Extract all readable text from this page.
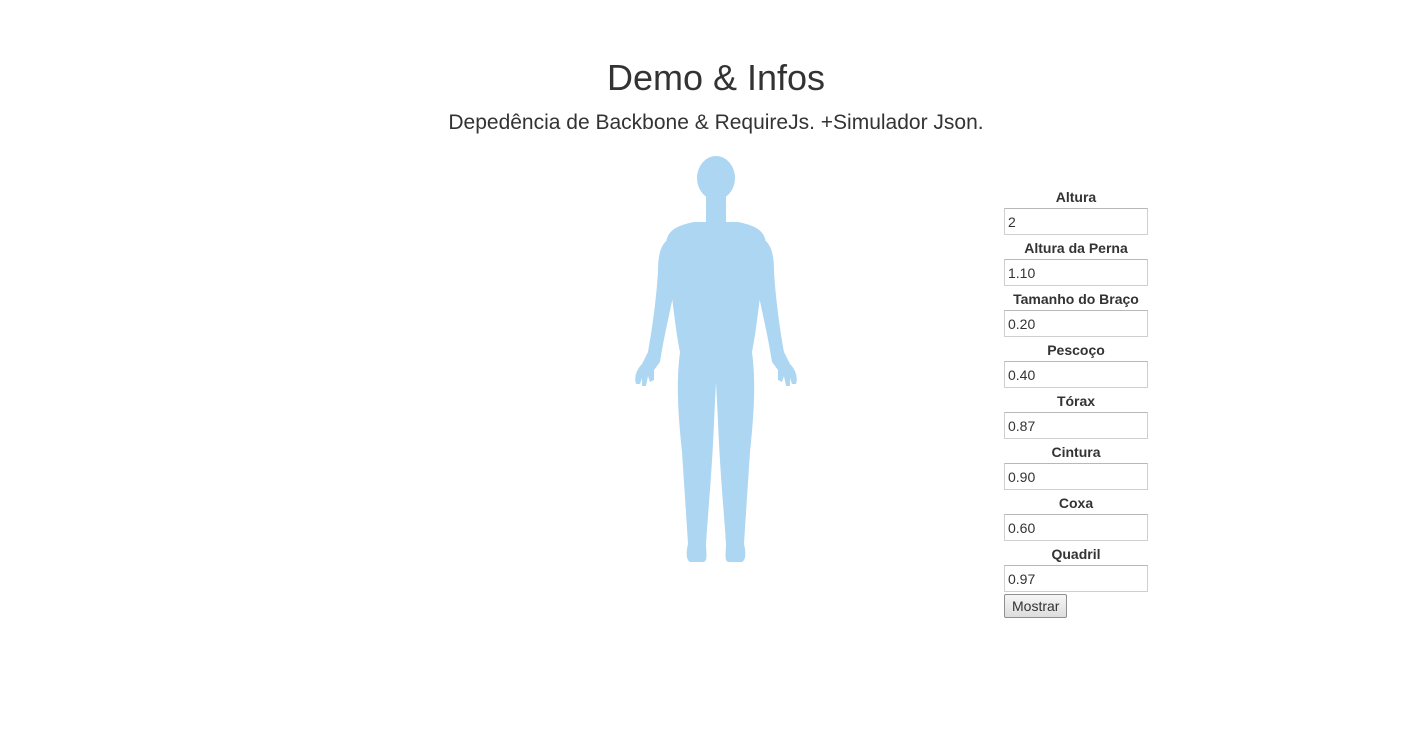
Demo & Infos
Depedência de Backbone & RequireJs. +Simulador Json.
Altura
2
Altura da Perna
1.10
Tamanho do Braço
0.20
Pescoço
0.40
Tórax
0.87
Cintura
0.90
Coxa
0.60
Quadril
0.97
Mostrar
